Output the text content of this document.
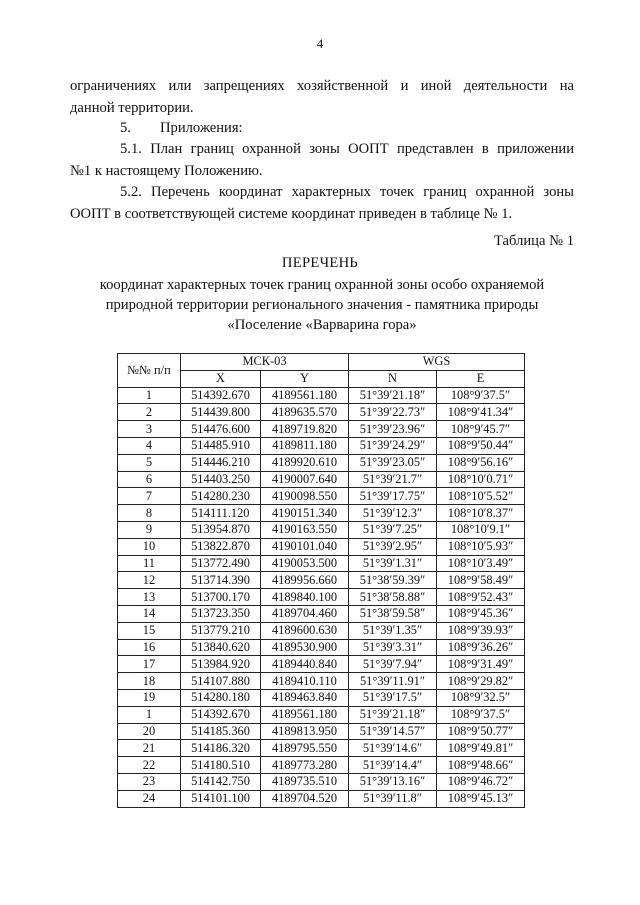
4
ограничениях или запрещениях хозяйственной и иной деятельности на
данной территории.
5. Приложения:
5.1. План границ охранной зоны ООПТ представлен в приложении
№1 к настоящему Положению.
5.2. Перечень координат характерных точек границ охранной зоны
ООПТ в соответствующей системе координат приведен в таблице № 1.
Таблица № 1
ПЕРЕЧЕНЬ
координат характерных точек границ охранной зоны особо охраняемой
природной территории регионального значения - памятника природы
«Поселение «Варварина гора»
№№ п/п	МСК-03		WGS	
	X	Y	N	E
1	514392.670	4189561.180	51°39′21.18″	108°9′37.5″
2	514439.800	4189635.570	51°39′22.73″	108°9′41.34″
3	514476.600	4189719.820	51°39′23.96″	108°9′45.7″
4	514485.910	4189811.180	51°39′24.29″	108°9′50.44″
5	514446.210	4189920.610	51°39′23.05″	108°9′56.16″
6	514403.250	4190007.640	51°39′21.7″	108°10′0.71″
7	514280.230	4190098.550	51°39′17.75″	108°10′5.52″
8	514111.120	4190151.340	51°39′12.3″	108°10′8.37″
9	513954.870	4190163.550	51°39′7.25″	108°10′9.1″
10	513822.870	4190101.040	51°39′2.95″	108°10′5.93″
11	513772.490	4190053.500	51°39′1.31″	108°10′3.49″
12	513714.390	4189956.660	51°38′59.39″	108°9′58.49″
13	513700.170	4189840.100	51°38′58.88″	108°9′52.43″
14	513723.350	4189704.460	51°38′59.58″	108°9′45.36″
15	513779.210	4189600.630	51°39′1.35″	108°9′39.93″
16	513840.620	4189530.900	51°39′3.31″	108°9′36.26″
17	513984.920	4189440.840	51°39′7.94″	108°9′31.49″
18	514107.880	4189410.110	51°39′11.91″	108°9′29.82″
19	514280.180	4189463.840	51°39′17.5″	108°9′32.5″
1	514392.670	4189561.180	51°39′21.18″	108°9′37.5″
20	514185.360	4189813.950	51°39′14.57″	108°9′50.77″
21	514186.320	4189795.550	51°39′14.6″	108°9′49.81″
22	514180.510	4189773.280	51°39′14.4″	108°9′48.66″
23	514142.750	4189735.510	51°39′13.16″	108°9′46.72″
24	514101.100	4189704.520	51°39′11.8″	108°9′45.13″
